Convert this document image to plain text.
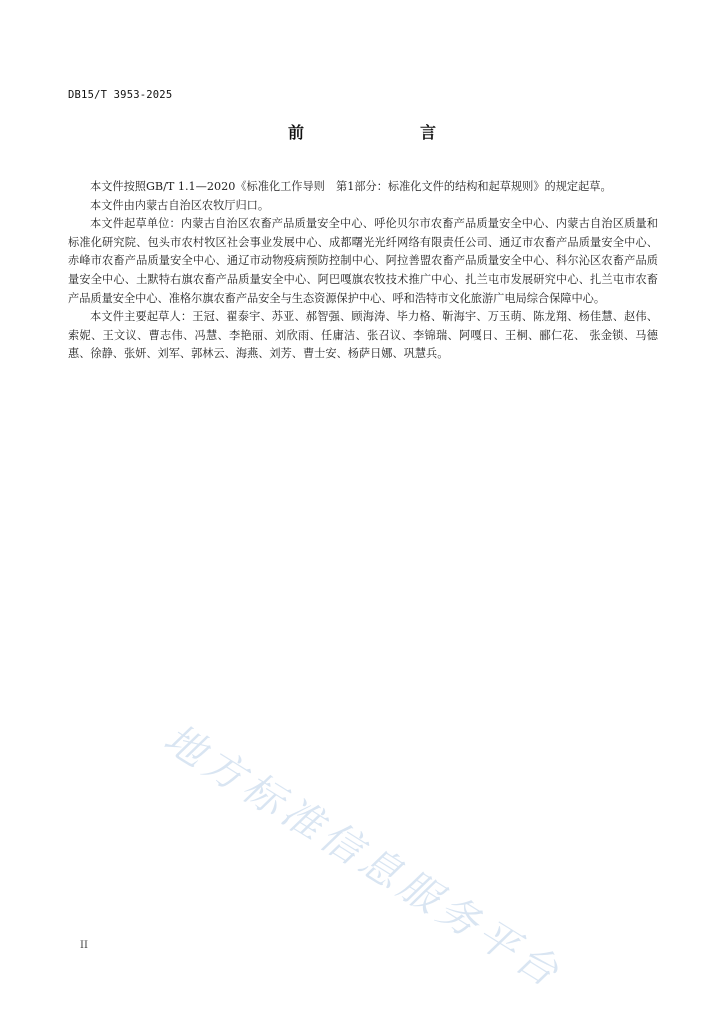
DB15/T 3953-2025
前　　言

本文件按照GB/T 1.1—2020《标准化工作导则　第1部分：标准化文件的结构和起草规则》的规定起草。

本文件由内蒙古自治区农牧厅归口。

本文件起草单位：内蒙古自治区农畜产品质量安全中心、呼伦贝尔市农畜产品质量安全中心、内蒙古自治区质量和标准化研究院、包头市农村牧区社会事业发展中心、成都曙光光纤网络有限责任公司、通辽市农畜产品质量安全中心、赤峰市农畜产品质量安全中心、通辽市动物疫病预防控制中心、阿拉善盟农畜产品质量安全中心、科尔沁区农畜产品质量安全中心、土默特右旗农畜产品质量安全中心、阿巴嘎旗农牧技术推广中心、扎兰屯市发展研究中心、扎兰屯市农畜产品质量安全中心、准格尔旗农畜产品安全与生态资源保护中心、呼和浩特市文化旅游广电局综合保障中心。

本文件主要起草人：王冠、翟泰宇、苏亚、郝智强、顾海涛、毕力格、靳海宇、万玉萌、陈龙翔、杨佳慧、赵伟、索妮、王文议、曹志伟、冯慧、李艳丽、刘欣雨、任庸洁、张召议、李锦瑞、阿嘎日、王桐、郦仁花、 张金锁、马德惠、徐静、张妍、刘军、郭林云、海燕、刘芳、曹士安、杨萨日娜、巩慧兵。

地方标准信息服务平台
II
